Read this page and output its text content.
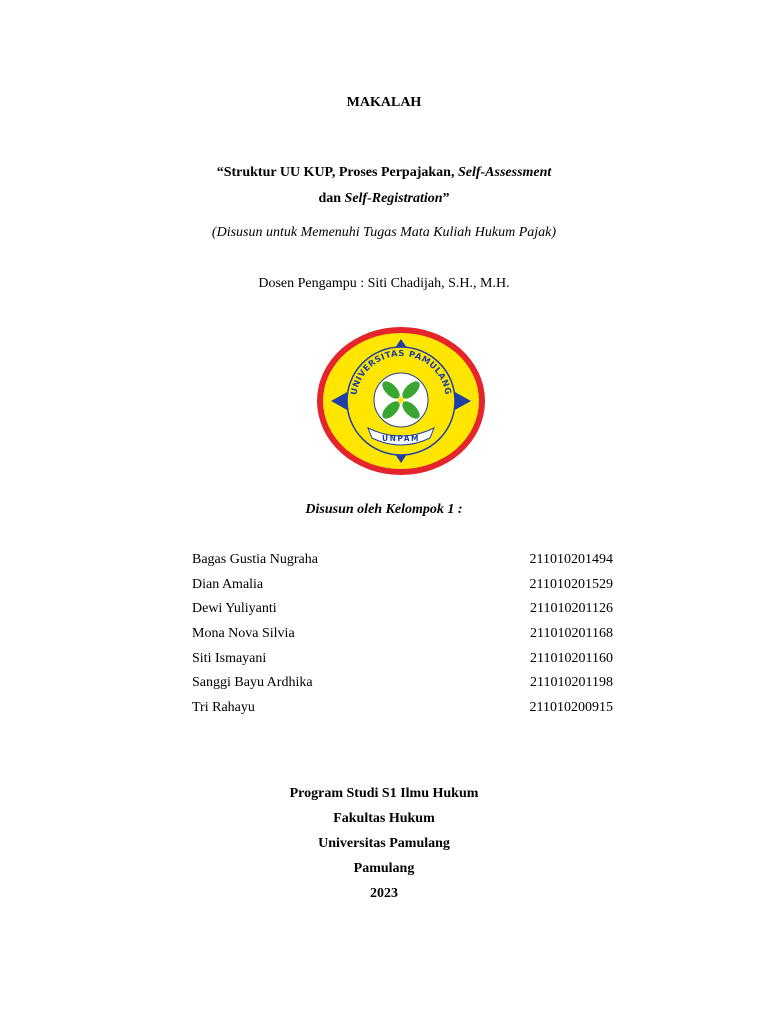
MAKALAH
“Struktur UU KUP, Proses Perpajakan, Self-Assessment
dan Self-Registration”
(Disusun untuk Memenuhi Tugas Mata Kuliah Hukum Pajak)
Dosen Pengampu : Siti Chadijah, S.H., M.H.
UNIVERSITAS PAMULANG
UNPAM
Disusun oleh Kelompok 1 :
Bagas Gustia Nugraha	211010201494
Dian Amalia	211010201529
Dewi Yuliyanti	211010201126
Mona Nova Silvia	211010201168
Siti Ismayani	211010201160
Sanggi Bayu Ardhika	211010201198
Tri Rahayu	211010200915
Program Studi S1 Ilmu Hukum
Fakultas Hukum
Universitas Pamulang
Pamulang
2023
